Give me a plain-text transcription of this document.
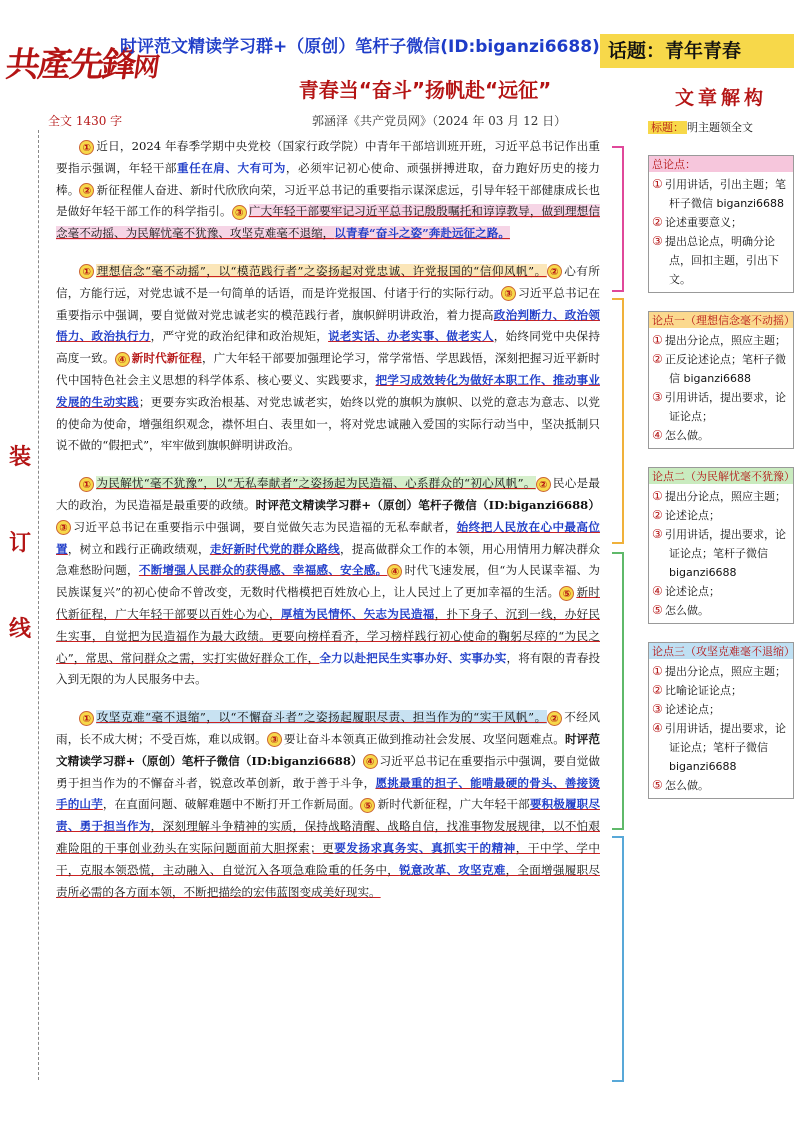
共產先鋒网
时评范文精读学习群+（原创）笔杆子微信(ID:biganzi6688) 话题：青年青春
青春当“奋斗”扬帆赴“远征”
全文 1430 字	郭涵泽《共产党员网》（2024 年 03 月 12 日）
装
订
线

① 近日，2024 年春季学期中央党校（国家行政学院）中青年干部培训班开班，习近平总书记作出重要指示强调，年轻干部重任在肩、大有可为，必须牢记初心使命、顽强拼搏进取，奋力跑好历史的接力棒。 ② 新征程催人奋进、新时代欣欣向荣，习近平总书记的重要指示谋深虑远，引导年轻干部健康成长也是做好年轻干部工作的科学指引。 ③ 广大年轻干部要牢记习近平总书记殷殷嘱托和谆谆教导，做到理想信念毫不动摇、为民解忧毫不犹豫、攻坚克难毫不退缩，以青春“奋斗之姿”奔赴远征之路。

① 理想信念“毫不动摇”，以“模范践行者”之姿扬起对党忠诚、许党报国的“信仰风帆”。 ② 心有所信，方能行远，对党忠诚不是一句简单的话语，而是许党报国、付诸于行的实际行动。 ③ 习近平总书记在重要指示中强调，要自觉做对党忠诚老实的模范践行者，旗帜鲜明讲政治，着力提高政治判断力、政治领悟力、政治执行力，严守党的政治纪律和政治规矩，说老实话、办老实事、做老实人，始终同党中央保持高度一致。 ④ 新时代新征程，广大年轻干部要加强理论学习，常学常悟、学思践悟，深刻把握习近平新时代中国特色社会主义思想的科学体系、核心要义、实践要求，把学习成效转化为做好本职工作、推动事业发展的生动实践；更要夯实政治根基、对党忠诚老实，始终以党的旗帜为旗帜、以党的意志为意志、以党的使命为使命，增强组织观念，襟怀坦白、表里如一，将对党忠诚融入爱国的实际行动当中，坚决抵制只说不做的“假把式”，牢牢做到旗帜鲜明讲政治。

① 为民解忧“毫不犹豫”，以“无私奉献者”之姿扬起为民造福、心系群众的“初心风帆”。 ② 民心是最大的政治，为民造福是最重要的政绩。时评范文精读学习群+（原创）笔杆子微信（ID:biganzi6688）③ 习近平总书记在重要指示中强调，要自觉做矢志为民造福的无私奉献者，始终把人民放在心中最高位置，树立和践行正确政绩观，走好新时代党的群众路线，提高做群众工作的本领，用心用情用力解决群众急难愁盼问题，不断增强人民群众的获得感、幸福感、安全感。 ④ 时代飞速发展，但“为人民谋幸福、为民族谋复兴”的初心使命不曾改变，无数时代楷模把百姓放心上，让人民过上了更加幸福的生活。 ⑤ 新时代新征程，广大年轻干部要以百姓心为心，厚植为民情怀、矢志为民造福，扑下身子、沉到一线，办好民生实事，自觉把为民造福作为最大政绩。更要向榜样看齐，学习榜样践行初心使命的鞠躬尽瘁的“为民之心”，常思、常问群众之需，实打实做好群众工作，全力以赴把民生实事办好、实事办实，将有限的青春投入到无限的为人民服务中去。

① 攻坚克难“毫不退缩”，以“不懈奋斗者”之姿扬起履职尽责、担当作为的“实干风帆”。 ② 不经风雨，长不成大树；不受百炼，难以成钢。 ③ 要让奋斗本领真正做到推动社会发展、攻坚问题难点。时评范文精读学习群+（原创）笔杆子微信（ID:biganzi6688） ④ 习近平总书记在重要指示中强调，要自觉做勇于担当作为的不懈奋斗者，锐意改革创新，敢于善于斗争，愿挑最重的担子、能啃最硬的骨头、善接烫手的山芋，在直面问题、破解难题中不断打开工作新局面。 ⑤ 新时代新征程，广大年轻干部要积极履职尽责、勇于担当作为，深刻理解斗争精神的实质，保持战略清醒、战略自信，找准事物发展规律，以不怕艰难险阻的干事创业劲头在实际问题面前大胆探索；更要发扬求真务实、真抓实干的精神，干中学、学中干，克服本领恐慌，主动融入、自觉沉入各项急难险重的任务中，锐意改革、攻坚克难，全面增强履职尽责所必需的各方面本领，不断把描绘的宏伟蓝图变成美好现实。

文章解构
标题： 明主题领全文
总论点：
① 引用讲话，引出主题；笔杆子微信 biganzi6688
② 论述重要意义；
③ 提出总论点，明确分论点，回扣主题，引出下文。
论点一（理想信念毫不动摇）
① 提出分论点，照应主题；
② 正反论述论点；笔杆子微信 biganzi6688
③ 引用讲话，提出要求，论证论点；
④ 怎么做。
论点二（为民解忧毫不犹豫）
① 提出分论点，照应主题；
② 论述论点；
③ 引用讲话，提出要求，论证论点；笔杆子微信 biganzi6688
④ 论述论点；
⑤ 怎么做。
论点三（攻坚克难毫不退缩）
① 提出分论点，照应主题；
② 比喻论证论点；
③ 论述论点；
④ 引用讲话，提出要求，论证论点；笔杆子微信 biganzi6688
⑤ 怎么做。
